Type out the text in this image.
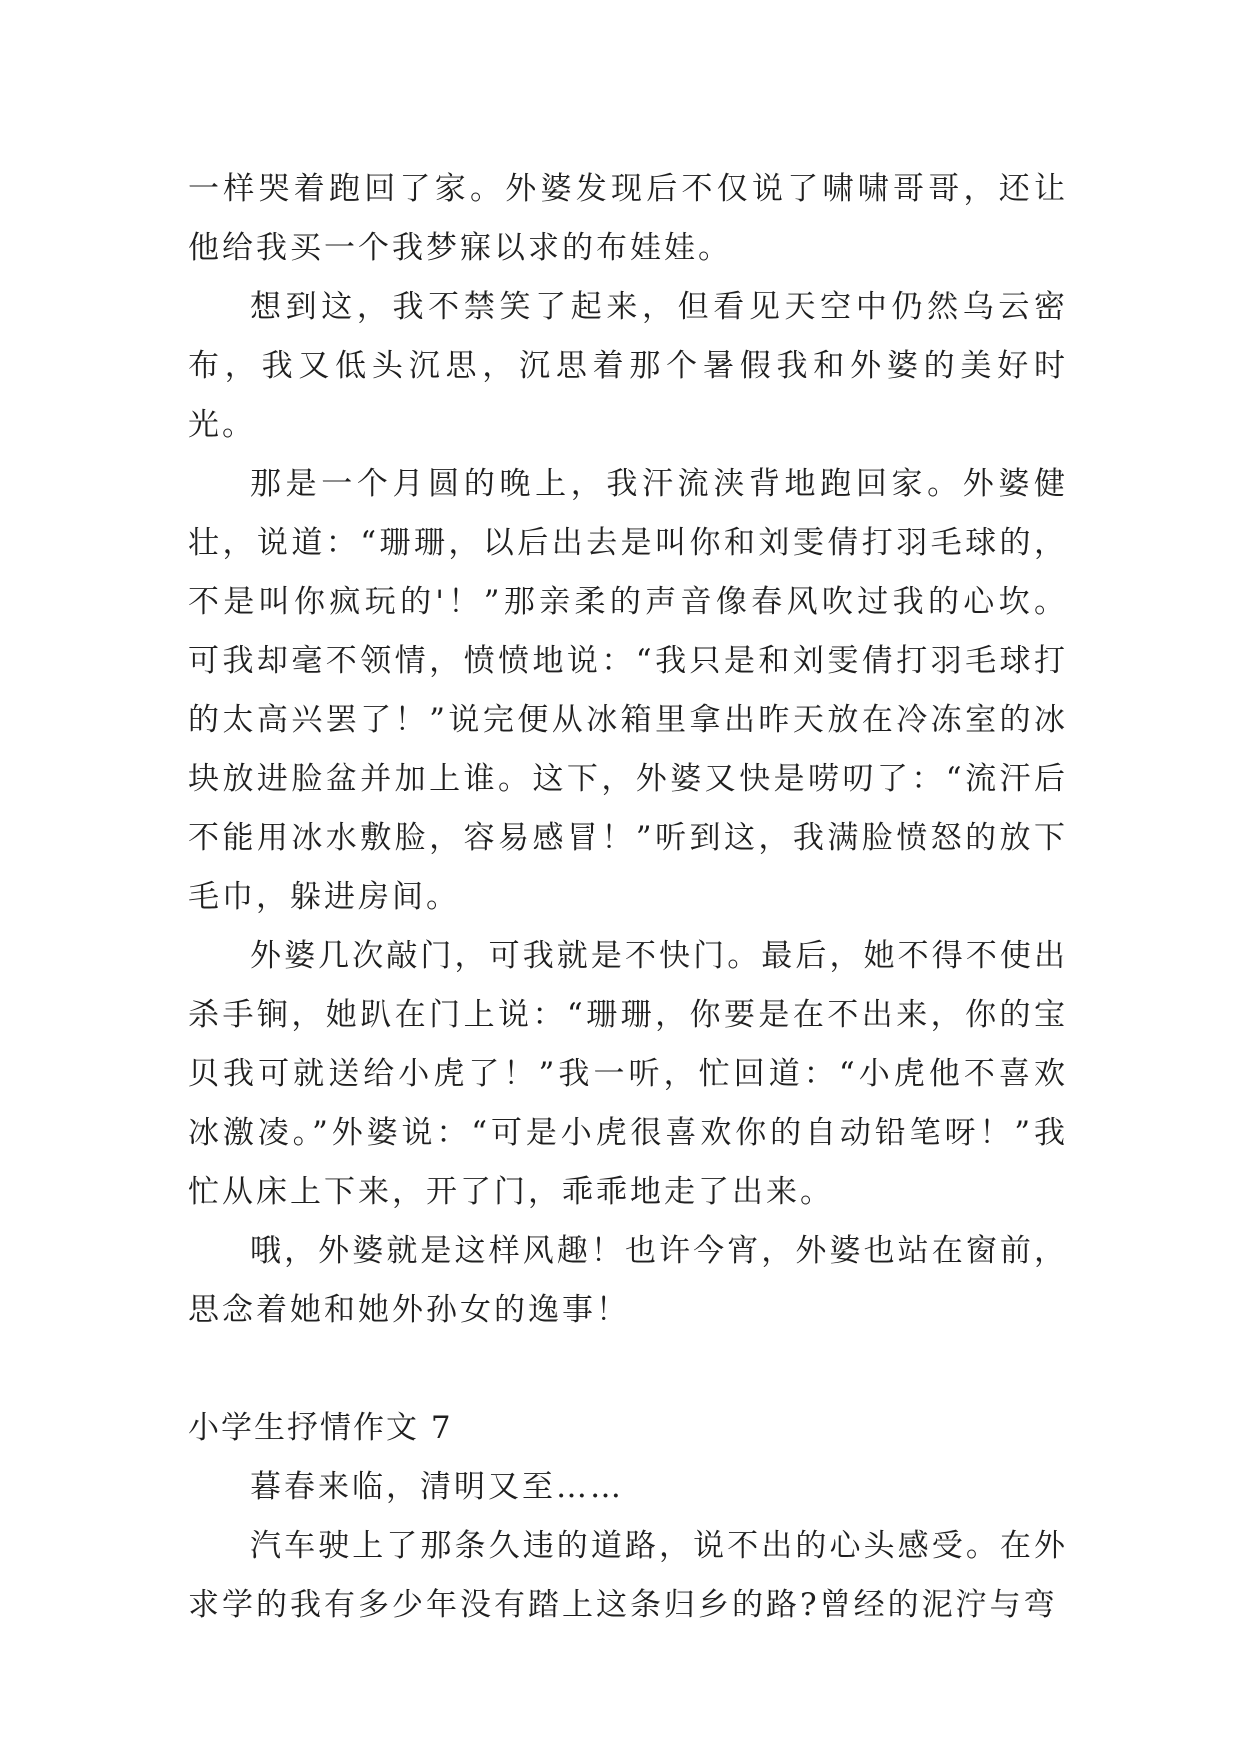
一样哭着跑回了家。外婆发现后不仅说了啸啸哥哥，还让他给我买一个我梦寐以求的布娃娃。

想到这，我不禁笑了起来，但看见天空中仍然乌云密布，我又低头沉思，沉思着那个暑假我和外婆的美好时光。

那是一个月圆的晚上，我汗流浃背地跑回家。外婆健壮，说道：“珊珊，以后出去是叫你和刘雯倩打羽毛球的，不是叫你疯玩的'！”那亲柔的声音像春风吹过我的心坎。可我却毫不领情，愤愤地说：“我只是和刘雯倩打羽毛球打的太高兴罢了！”说完便从冰箱里拿出昨天放在冷冻室的冰块放进脸盆并加上谁。这下，外婆又快是唠叨了：“流汗后不能用冰水敷脸，容易感冒！”听到这，我满脸愤怒的放下毛巾，躲进房间。

外婆几次敲门，可我就是不快门。最后，她不得不使出杀手锏，她趴在门上说：“珊珊，你要是在不出来，你的宝贝我可就送给小虎了！”我一听，忙回道：“小虎他不喜欢冰激凌。”外婆说：“可是小虎很喜欢你的自动铅笔呀！”我忙从床上下来，开了门，乖乖地走了出来。

哦，外婆就是这样风趣！也许今宵，外婆也站在窗前，思念着她和她外孙女的逸事！

小学生抒情作文 7

暮春来临，清明又至……

汽车驶上了那条久违的道路，说不出的心头感受。在外求学的我有多少年没有踏上这条归乡的路?曾经的泥泞与弯
